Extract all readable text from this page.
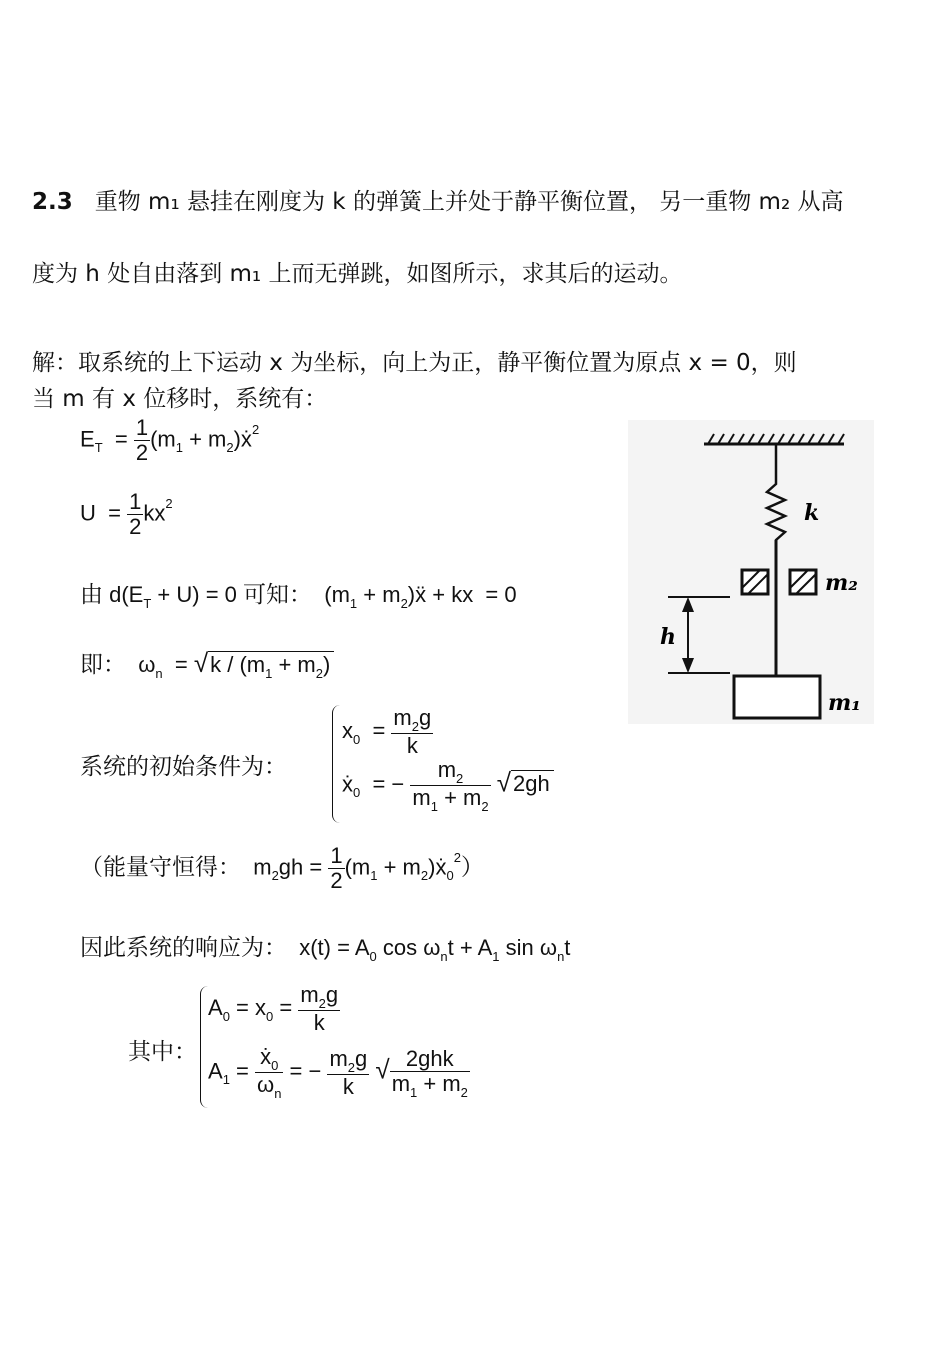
2.3 重物 m₁ 悬挂在刚度为 k 的弹簧上并处于静平衡位置， 另一重物 m₂ 从高
度为 h 处自由落到 m₁ 上而无弹跳，如图所示，求其后的运动。
解：取系统的上下运动 x 为坐标，向上为正，静平衡位置为原点 x = 0，则
当 m 有 x 位移时，系统有：
$E_T = \frac{1}{2} (m_1$ + $m_2)ẋ^2$
$U = \frac{1}{2} kx^2$
由 $d(E_T + U) = 0$ 可知：  ($m_1$ + $m_2)ẍ$ + kx  = 0
即：  $\omega_n = √k / (m_1 + m_2)$
系统的初始条件为：
$x_0 = \frac{m_2g}{k}$
ẋ$_0$  = − $\frac{m_2}{m_1 + m_2} √2gh$
（能量守恒得：  $m_2gh = \frac{1}{2} (m_1$ + $m_2)ẋ_0^2$）
因此系统的响应为：  $x(t) = A_0$ $\cos \omega_nt + A_1$ $\sin \omega_nt$
其中：
$A_0 = x_0 = \frac{m_2g}{k}$
$A_1 = \frac{ẋ_0}{\omega_n}$ = − $\frac{m_2g}{k}$ √ $\frac{\text{2ghk}}{m_1 + m_2}$
k
m₂
h
m₁
